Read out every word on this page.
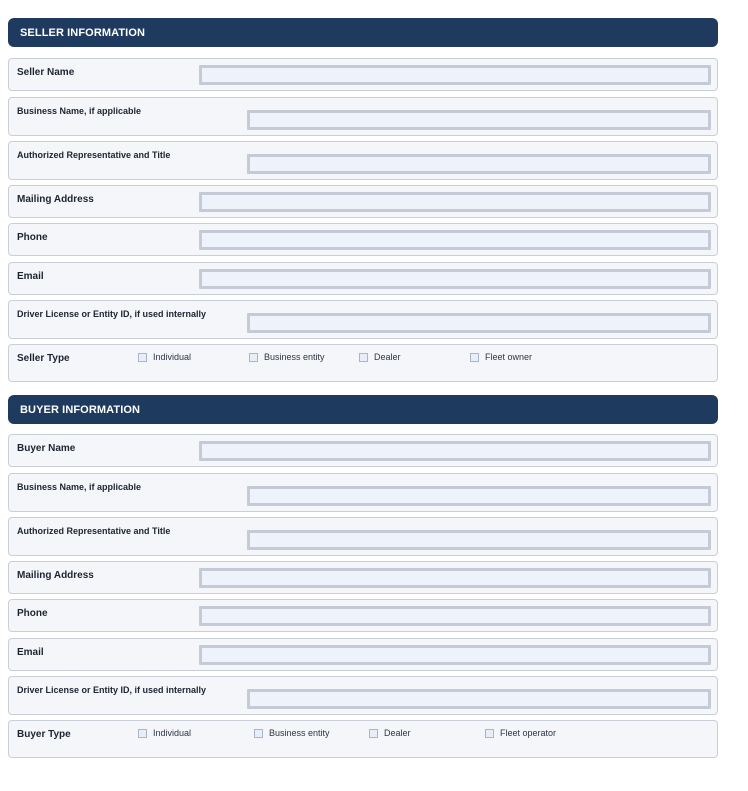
SELLER INFORMATION
Seller Name
Business Name, if applicable
Authorized Representative and Title
Mailing Address
Phone
Email
Driver License or Entity ID, if used internally
Seller Type	Individual	Business entity	Dealer	Fleet owner
BUYER INFORMATION
Buyer Name
Business Name, if applicable
Authorized Representative and Title
Mailing Address
Phone
Email
Driver License or Entity ID, if used internally
Buyer Type	Individual	Business entity	Dealer	Fleet operator
